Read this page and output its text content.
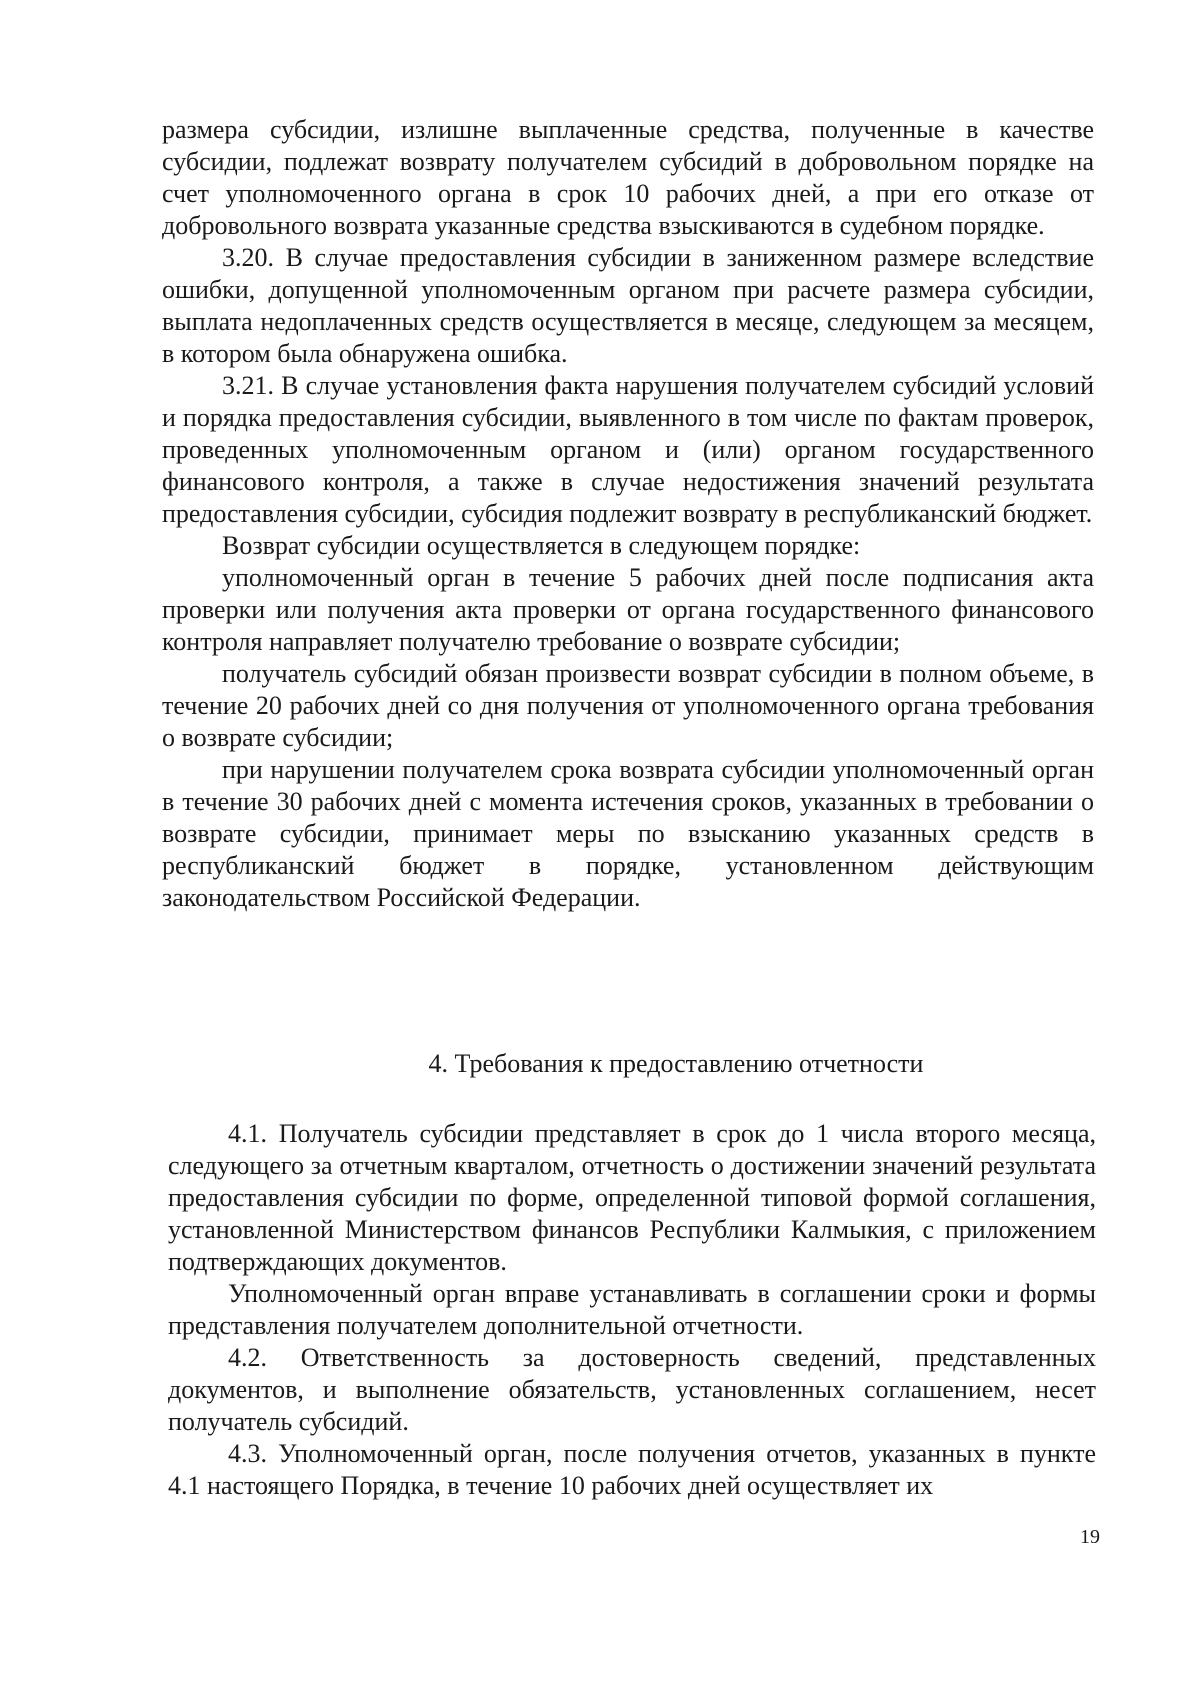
размера субсидии, излишне выплаченные средства, полученные в качестве субсидии, подлежат возврату получателем субсидий в добровольном порядке на счет уполномоченного органа в срок 10 рабочих дней, а при его отказе от добровольного возврата указанные средства взыскиваются в судебном порядке.

3.20. В случае предоставления субсидии в заниженном размере вследствие ошибки, допущенной уполномоченным органом при расчете размера субсидии, выплата недоплаченных средств осуществляется в месяце, следующем за месяцем, в котором была обнаружена ошибка.

3.21. В случае установления факта нарушения получателем субсидий условий и порядка предоставления субсидии, выявленного в том числе по фактам проверок, проведенных уполномоченным органом и (или) органом государственного финансового контроля, а также в случае недостижения значений результата предоставления субсидии, субсидия подлежит возврату в республиканский бюджет.

Возврат субсидии осуществляется в следующем порядке:

уполномоченный орган в течение 5 рабочих дней после подписания акта проверки или получения акта проверки от органа государственного финансового контроля направляет получателю требование о возврате субсидии;

получатель субсидий обязан произвести возврат субсидии в полном объеме, в течение 20 рабочих дней со дня получения от уполномоченного органа требования о возврате субсидии;

при нарушении получателем срока возврата субсидии уполномоченный орган в течение 30 рабочих дней с момента истечения сроков, указанных в требовании о возврате субсидии, принимает меры по взысканию указанных средств в республиканский бюджет в порядке, установленном действующим законодательством Российской Федерации.

4. Требования к предоставлению отчетности

4.1. Получатель субсидии представляет в срок до 1 числа второго месяца, следующего за отчетным кварталом, отчетность о достижении значений результата предоставления субсидии по форме, определенной типовой формой соглашения, установленной Министерством финансов Республики Калмыкия, с приложением подтверждающих документов.

Уполномоченный орган вправе устанавливать в соглашении сроки и формы представления получателем дополнительной отчетности.

4.2. Ответственность за достоверность сведений, представленных документов, и выполнение обязательств, установленных соглашением, несет получатель субсидий.

4.3. Уполномоченный орган, после получения отчетов, указанных в пункте 4.1 настоящего Порядка, в течение 10 рабочих дней осуществляет их

19
